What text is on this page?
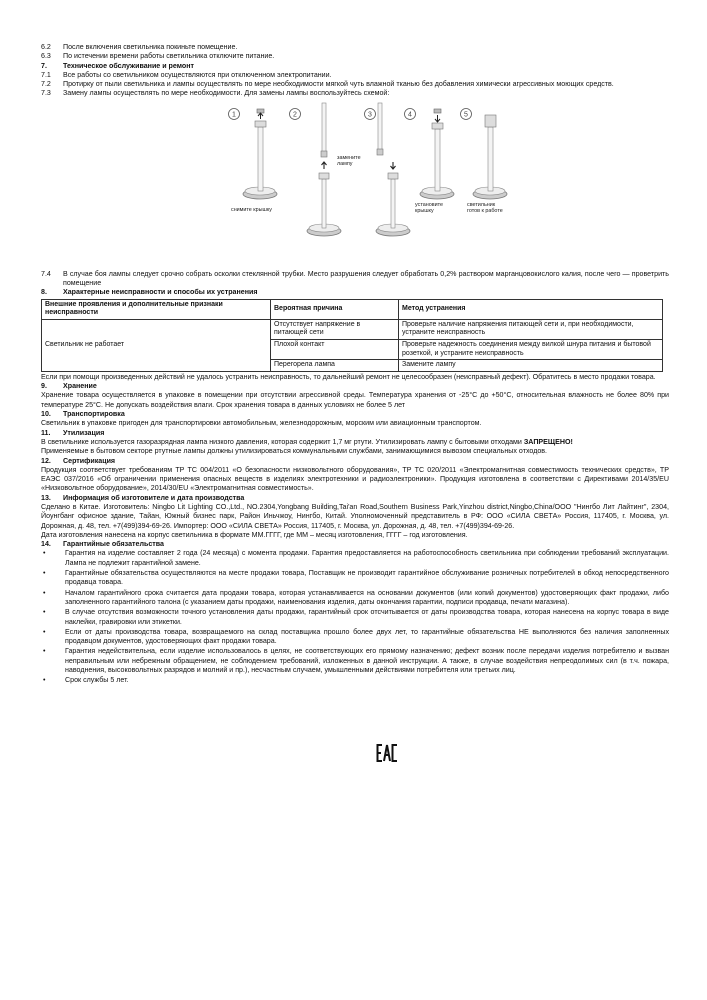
6.2	После включения светильника покиньте помещение.
6.3	По истечении времени работы светильника отключите питание.
7.	Техническое обслуживание и ремонт
7.1	Все работы со светильником осуществляются при отключенном электропитании.
7.2	Протирку от пыли светильника и лампы осуществлять по мере необходимости мягкой чуть влажной тканью без добавления химически агрессивных моющих средств.
7.3	Замену лампы осуществлять по мере необходимости. Для замены лампы воспользуйтесь схемой:
1	2	3	4	5
снимите крышку
замените лампу
установите крышку
светильник готов к работе
7.4	В случае боя лампы следует срочно собрать осколки стеклянной трубки. Место разрушения следует обработать 0,2% раствором марганцовокислого калия, после чего — проветрить помещение
8.	Характерные неисправности и способы их устранения
Внешние проявления и дополнительные признаки неисправности	Вероятная причина	Метод устранения
Светильник не работает	Отсутствует напряжение в питающей сети	Проверьте наличие напряжения питающей сети и, при необходимости, устраните неисправность
	Плохой контакт	Проверьте надежность соединения между вилкой шнура питания и бытовой розеткой, и устраните неисправность
	Перегорела лампа	Замените лампу
Если при помощи произведенных действий не удалось устранить неисправность, то дальнейший ремонт не целесообразен (неисправный дефект). Обратитесь в место продажи товара.
9.	Хранение
Хранение товара осуществляется в упаковке в помещении при отсутствии агрессивной среды. Температура хранения от -25°С до +50°С, относительная влажность не более 80% при температуре 25°С. Не допускать воздействия влаги. Срок хранения товара в данных условиях не более 5 лет
10.	Транспортировка
Светильник в упаковке пригоден для транспортировки автомобильным, железнодорожным, морским или авиационным транспортом.
11.	Утилизация
В светильнике используется газоразрядная лампа низкого давления, которая содержит 1,7 мг ртути. Утилизировать лампу с бытовыми отходами ЗАПРЕЩЕНО!
Применяемые в бытовом секторе ртутные лампы должны утилизироваться коммунальными службами, занимающимися вывозом специальных отходов.
12.	Сертификация
Продукция соответствует требованиям ТР ТС 004/2011 «О безопасности низковольтного оборудования», ТР ТС 020/2011 «Электромагнитная совместимость технических средств», ТР ЕАЭС 037/2016 «Об ограничении применения опасных веществ в изделиях электротехники и радиоэлектроники». Продукция изготовлена в соответствии с Директивами 2014/35/EU «Низковольтное оборудование», 2014/30/EU «Электромагнитная совместимость».
13.	Информация об изготовителе и дата производства
Сделано в Китае. Изготовитель: Ningbo Lit Lighting CO.,Ltd., NO.2304,Yongbang Building,Tai'an Road,Southern Business Park,Yinzhou district,Ningbo,China/ООО "Нингбо Лит Лайтинг", 2304, Йоунгбанг офисное здание, Тайан, Южный бизнес парк, Район Иньчжоу, Нингбо, Китай. Уполномоченный представитель в РФ: ООО «СИЛА СВЕТА» Россия, 117405, г. Москва, ул. Дорожная, д. 48, тел. +7(499)394-69-26. Импортер: ООО «СИЛА СВЕТА» Россия, 117405, г. Москва, ул. Дорожная, д. 48, тел. +7(499)394-69-26.
Дата изготовления нанесена на корпус светильника в формате ММ.ГГГГ, где ММ – месяц изготовления, ГГГГ – год изготовления.
14.	Гарантийные обязательства
•	Гарантия на изделие составляет 2 года (24 месяца) с момента продажи. Гарантия предоставляется на работоспособность светильника при соблюдении требований эксплуатации. Лампа не подлежит гарантийной замене.
•	Гарантийные обязательства осуществляются на месте продажи товара, Поставщик не производит гарантийное обслуживание розничных потребителей в обход непосредственного продавца товара.
•	Началом гарантийного срока считается дата продажи товара, которая устанавливается на основании документов (или копий документов) удостоверяющих факт продажи, либо заполненного гарантийного талона (с указанием даты продажи, наименования изделия, даты окончания гарантии, подписи продавца, печати магазина).
•	В случае отсутствия возможности точного установления даты продажи, гарантийный срок отсчитывается от даты производства товара, которая нанесена на корпус товара в виде наклейки, гравировки или этикетки.
•	Если от даты производства товара, возвращаемого на склад поставщика прошло более двух лет, то гарантийные обязательства НЕ выполняются без наличия заполненных продавцом документов, удостоверяющих факт продажи товара.
•	Гарантия недействительна, если изделие использовалось в целях, не соответствующих его прямому назначению; дефект возник после передачи изделия потребителю и вызван неправильным или небрежным обращением, не соблюдением требований, изложенных в данной инструкции. А также, в случае воздействия непреодолимых сил (в т.ч. пожара, наводнения, высоковольтных разрядов и молний и пр.), несчастным случаем, умышленными действиями потребителя или третьих лиц.
•	Срок службы 5 лет.
